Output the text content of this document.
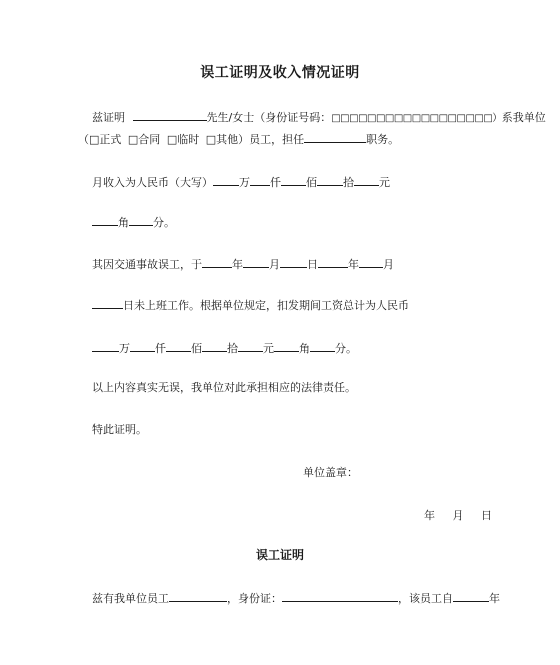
误工证明及收入情况证明
兹证明	先生/女士（身份证号码：□□□□□□□□□□□□□□□□□□）系我单位
（□正式 □合同 □临时 □其他）员工，担任	职务。
月收入为人民币（大写） 万 仟 佰 拾 元
角 分。
其因交通事故误工，于	年 月 日	年 月
日未上班工作。根据单位规定，扣发期间工资总计为人民币
万 仟 佰 拾 元 角 分。
以上内容真实无误，我单位对此承担相应的法律责任。
特此证明。
单位盖章：
年 月 日
误工证明
兹有我单位员工	，身份证：	，该员工自	年
